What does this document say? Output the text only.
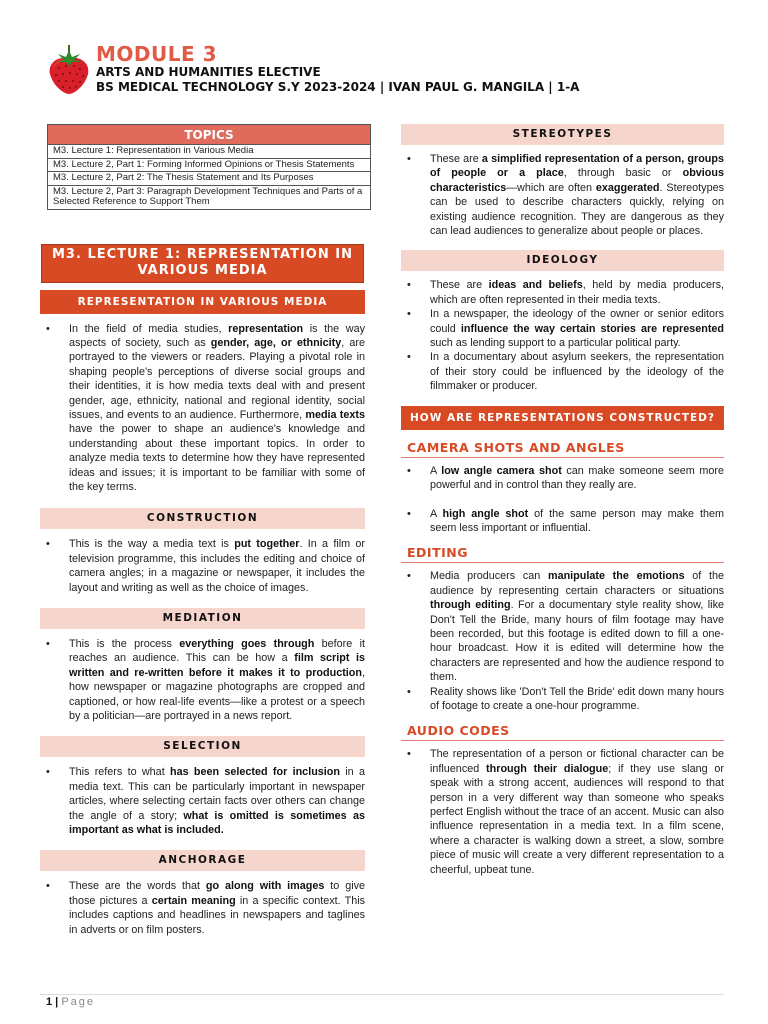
MODULE 3
ARTS AND HUMANITIES ELECTIVE
BS MEDICAL TECHNOLOGY S.Y 2023-2024 | IVAN PAUL G. MANGILA | 1-A
TOPICS
M3. Lecture 1: Representation in Various Media
M3. Lecture 2, Part 1: Forming Informed Opinions or Thesis Statements
M3. Lecture 2, Part 2: The Thesis Statement and Its Purposes
M3. Lecture 2, Part 3: Paragraph Development Techniques and Parts of a Selected Reference to Support Them
M3. LECTURE 1: REPRESENTATION IN VARIOUS MEDIA
REPRESENTATION IN VARIOUS MEDIA
• In the field of media studies, representation is the way aspects of society, such as gender, age, or ethnicity, are portrayed to the viewers or readers. Playing a pivotal role in shaping people's perceptions of diverse social groups and their identities, it is how media texts deal with and present gender, age, ethnicity, national and regional identity, social issues, and events to an audience. Furthermore, media texts have the power to shape an audience's knowledge and understanding about these important topics. In order to analyze media texts to determine how they have represented ideas and issues; it is important to be familiar with some of the key terms.
CONSTRUCTION
• This is the way a media text is put together. In a film or television programme, this includes the editing and choice of camera angles; in a magazine or newspaper, it includes the layout and writing as well as the choice of images.
MEDIATION
• This is the process everything goes through before it reaches an audience. This can be how a film script is written and re-written before it makes it to production, how newspaper or magazine photographs are cropped and captioned, or how real-life events—like a protest or a speech by a politician—are portrayed in a news report.
SELECTION
• This refers to what has been selected for inclusion in a media text. This can be particularly important in newspaper articles, where selecting certain facts over others can change the angle of a story; what is omitted is sometimes as important as what is included.
ANCHORAGE
• These are the words that go along with images to give those pictures a certain meaning in a specific context. This includes captions and headlines in newspapers and taglines in adverts or on film posters.
STEREOTYPES
• These are a simplified representation of a person, groups of people or a place, through basic or obvious characteristics—which are often exaggerated. Stereotypes can be used to describe characters quickly, relying on existing audience recognition. They are dangerous as they can lead audiences to generalize about people or places.
IDEOLOGY
• These are ideas and beliefs, held by media producers, which are often represented in their media texts.
• In a newspaper, the ideology of the owner or senior editors could influence the way certain stories are represented such as lending support to a particular political party.
• In a documentary about asylum seekers, the representation of their story could be influenced by the ideology of the filmmaker or producer.
HOW ARE REPRESENTATIONS CONSTRUCTED?
CAMERA SHOTS AND ANGLES
• A low angle camera shot can make someone seem more powerful and in control than they really are.
• A high angle shot of the same person may make them seem less important or influential.
EDITING
• Media producers can manipulate the emotions of the audience by representing certain characters or situations through editing. For a documentary style reality show, like Don't Tell the Bride, many hours of film footage may have been recorded, but this footage is edited down to fill a one-hour broadcast. How it is edited will determine how the characters are represented and how the audience respond to them.
• Reality shows like 'Don't Tell the Bride' edit down many hours of footage to create a one-hour programme.
AUDIO CODES
• The representation of a person or fictional character can be influenced through their dialogue; if they use slang or speak with a strong accent, audiences will respond to that person in a very different way than someone who speaks perfect English without the trace of an accent. Music can also influence representation in a media text. In a film scene, where a character is walking down a street, a slow, sombre piece of music will create a very different representation to a cheerful, upbeat tune.
1 | Page
